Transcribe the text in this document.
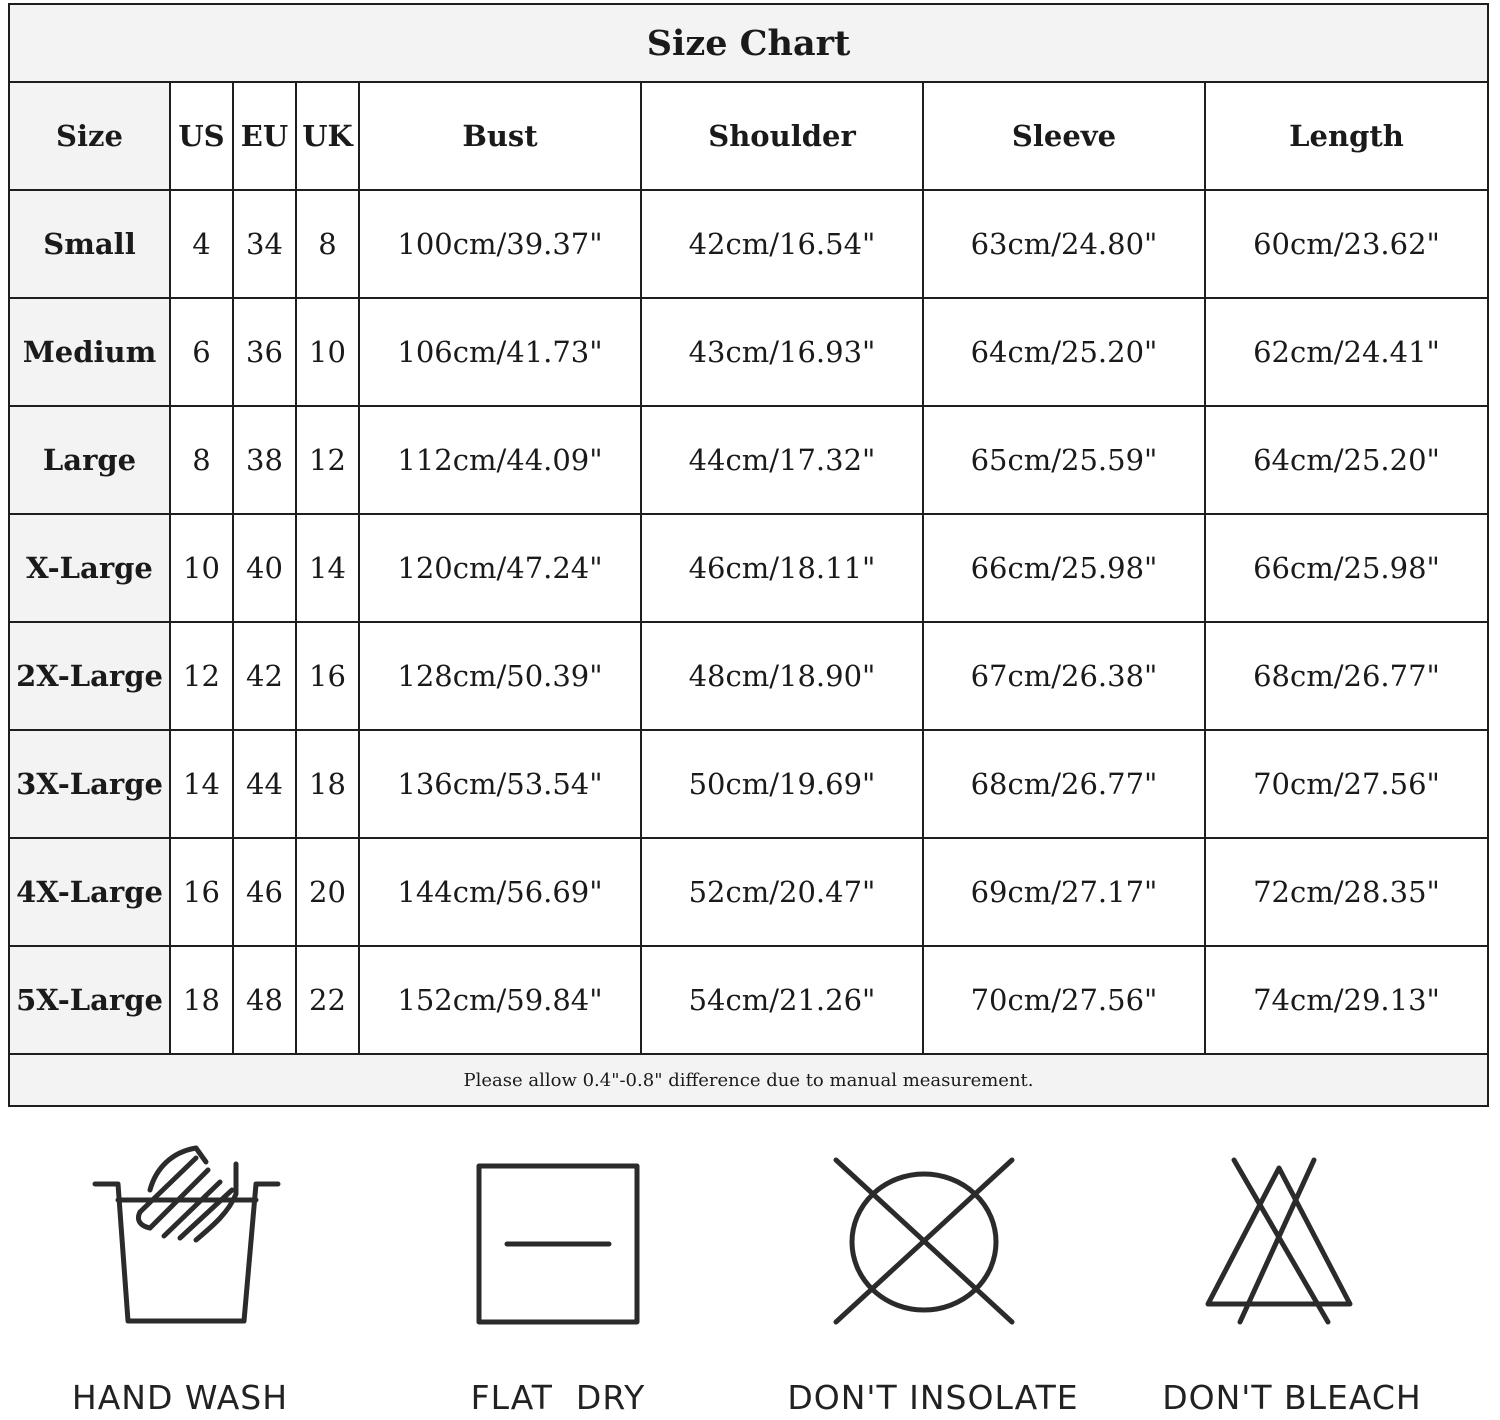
Size Chart							
Size	US	EU	UK	Bust	Shoulder	Sleeve	Length
Small	4	34	8	100cm/39.37"	42cm/16.54"	63cm/24.80"	60cm/23.62"
Medium	6	36	10	106cm/41.73"	43cm/16.93"	64cm/25.20"	62cm/24.41"
Large	8	38	12	112cm/44.09"	44cm/17.32"	65cm/25.59"	64cm/25.20"
X-Large	10	40	14	120cm/47.24"	46cm/18.11"	66cm/25.98"	66cm/25.98"
2X-Large	12	42	16	128cm/50.39"	48cm/18.90"	67cm/26.38"	68cm/26.77"
3X-Large	14	44	18	136cm/53.54"	50cm/19.69"	68cm/26.77"	70cm/27.56"
4X-Large	16	46	20	144cm/56.69"	52cm/20.47"	69cm/27.17"	72cm/28.35"
5X-Large	18	48	22	152cm/59.84"	54cm/21.26"	70cm/27.56"	74cm/29.13"
Please allow 0.4"-0.8" difference due to manual measurement.							
HAND WASH	FLAT  DRY	DON'T INSOLATE	DON'T BLEACH
